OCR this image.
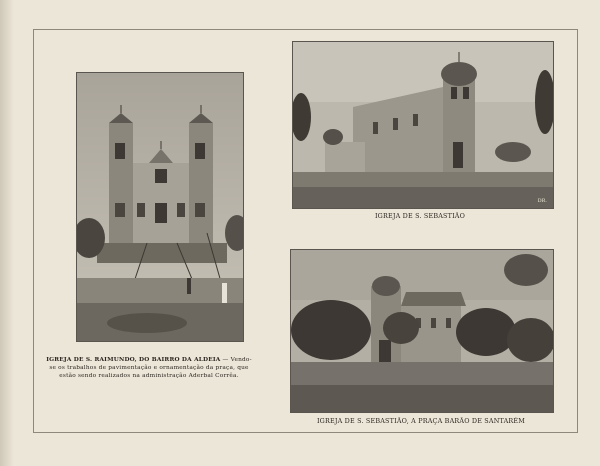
IGREJA DE S. RAIMUNDO, DO BAIRRO DA ALDEIA — Vendo-se os trabalhos de pavimentação e ornamentação da praça, que estão sendo realizados na administração Aderbal Corrêa.
DR.
IGREJA DE S. SEBASTIÃO
IGREJA DE S. SEBASTIÃO, A PRAÇA BARÃO DE SANTARÉM
